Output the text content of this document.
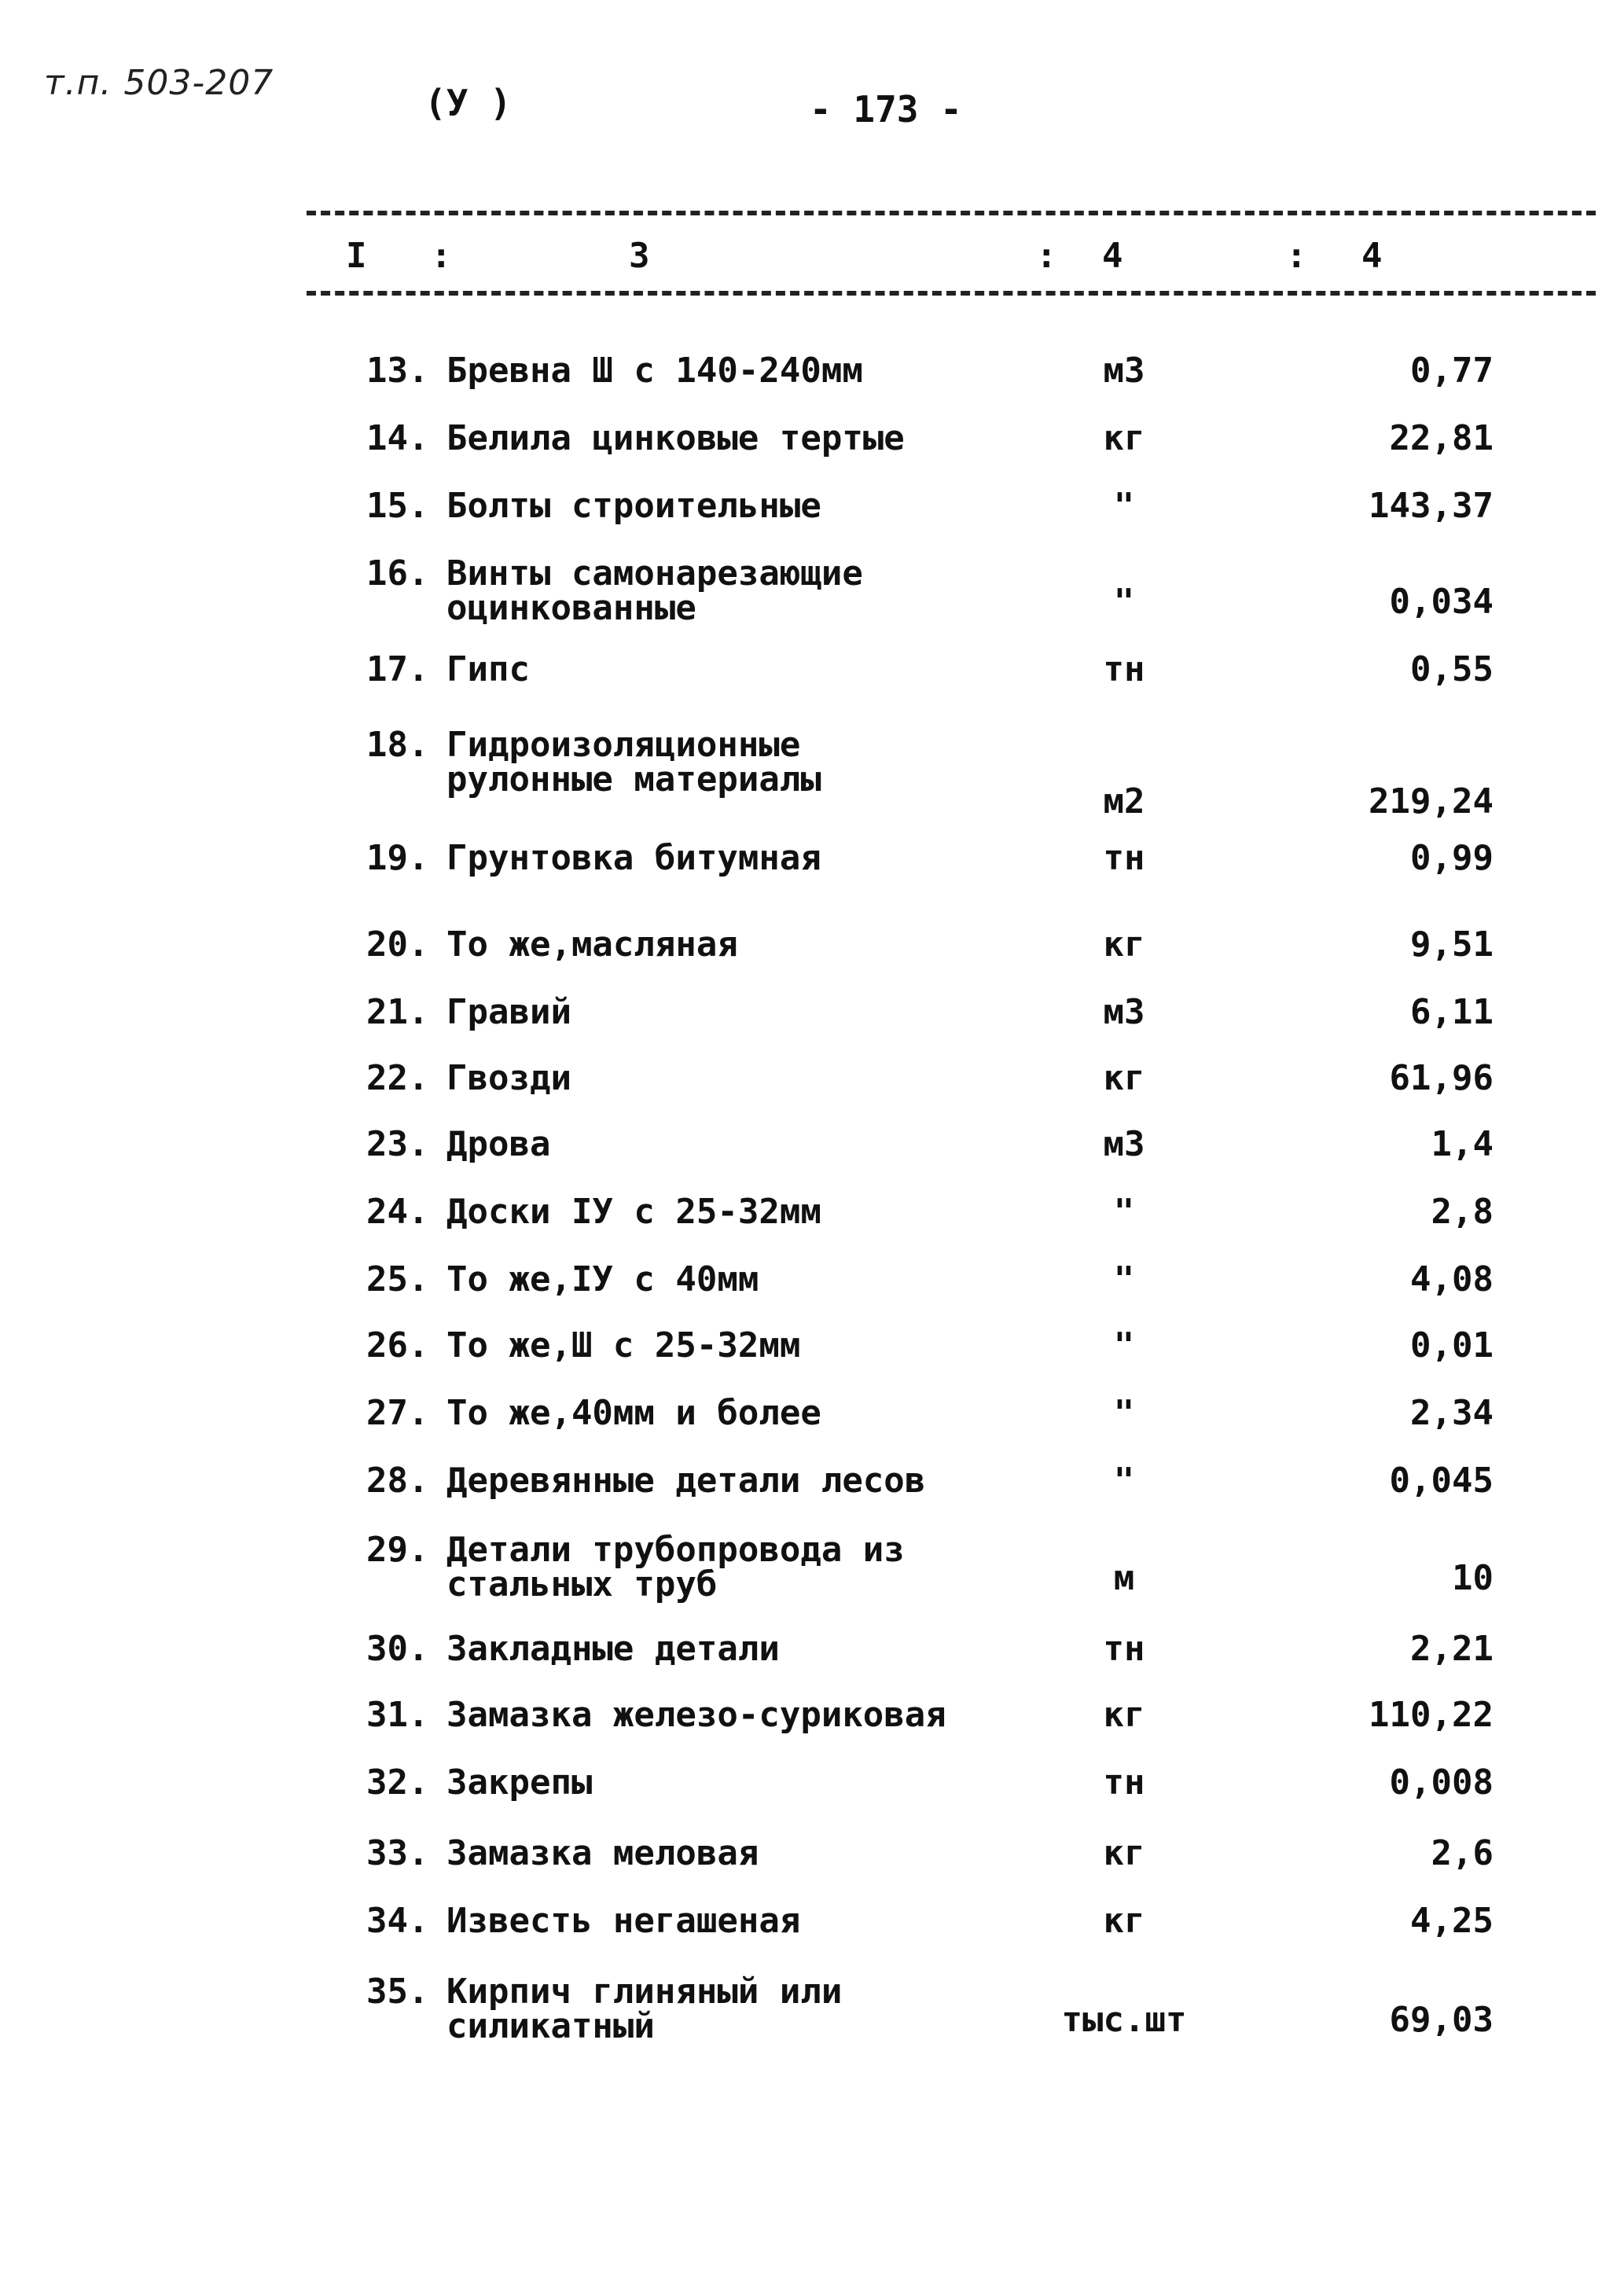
т.п. 503-207	(У )	- 173 -
I :	3	: 4	: 4
13. Бревна Ш с 140-240мм	м3	0,77
14. Белила цинковые тертые	кг	22,81
15. Болты строительные	"	143,37
16. Винты самонарезающие
оцинкованные	"	0,034
17. Гипс	тн	0,55
18. Гидроизоляционные
рулонные материалы
м2	219,24
19. Грунтовка битумная	тн	0,99
20. То же,масляная	кг	9,51
21. Гравий	м3	6,11
22. Гвозди	кг	61,96
23. Дрова	м3	1,4
24. Доски IУ с 25-32мм	"	2,8
25. То же,IУ с 40мм	"	4,08
26. То же,Ш с 25-32мм	"	0,01
27. То же,40мм и более	"	2,34
28. Деревянные детали лесов	"	0,045
29. Детали трубопровода из
стальных труб	м	10
30. Закладные детали	тн	2,21
31. Замазка железо-суриковая	кг	110,22
32. Закрепы	тн	0,008
33. Замазка меловая	кг	2,6
34. Известь негашеная	кг	4,25
35. Кирпич глиняный или
силикатный	тыс.шт	69,03
